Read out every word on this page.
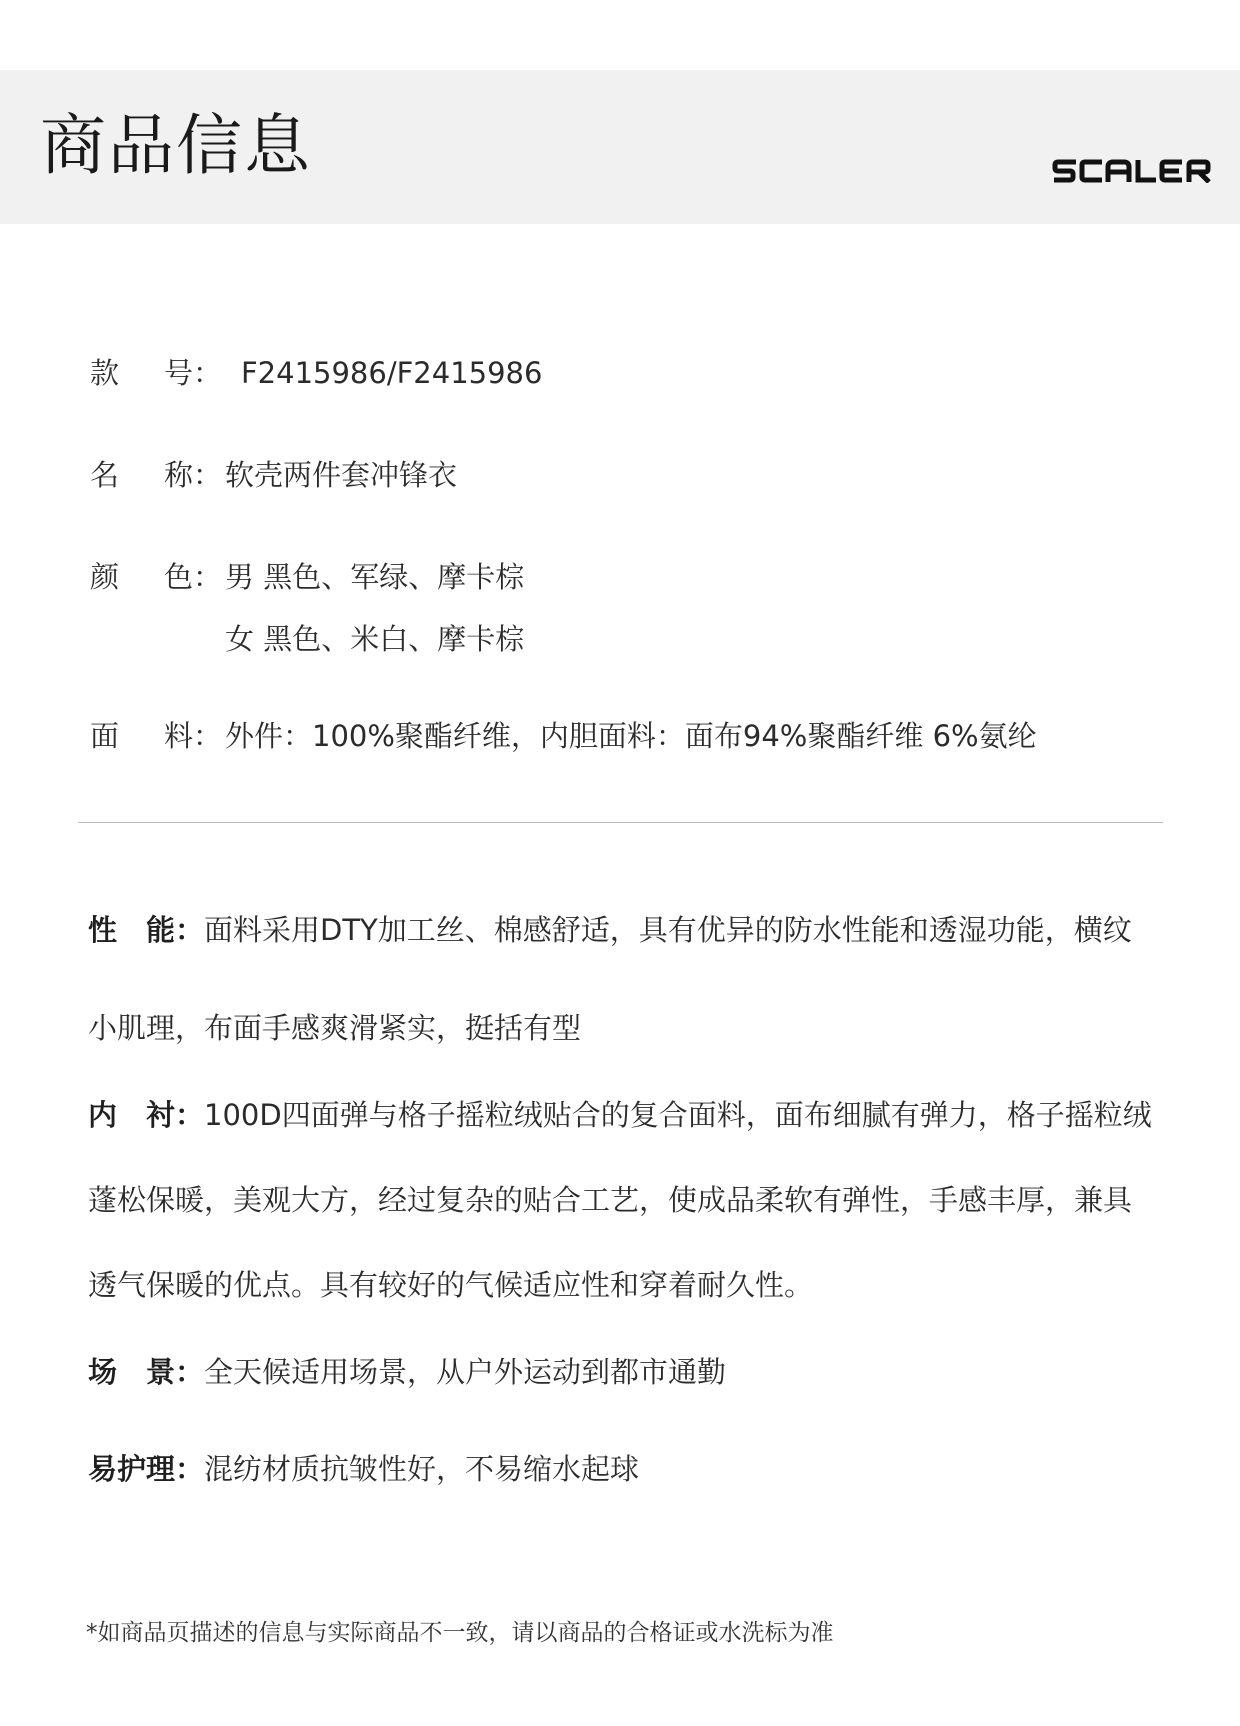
商品信息
款 号： F2415986/F2415986
名 称： 软壳两件套冲锋衣
颜 色： 男 黑色、军绿、摩卡棕
女 黑色、米白、摩卡棕
面 料： 外件：100%聚酯纤维，内胆面料：面布94%聚酯纤维 6%氨纶
性　能：面料采用DTY加工丝、棉感舒适，具有优异的防水性能和透湿功能，横纹
小肌理，布面手感爽滑紧实，挺括有型
内　衬：100D四面弹与格子摇粒绒贴合的复合面料，面布细腻有弹力，格子摇粒绒
蓬松保暖，美观大方，经过复杂的贴合工艺，使成品柔软有弹性，手感丰厚，兼具
透气保暖的优点。具有较好的气候适应性和穿着耐久性。
场　景：全天候适用场景，从户外运动到都市通勤
易护理：混纺材质抗皱性好，不易缩水起球
*如商品页描述的信息与实际商品不一致，请以商品的合格证或水洗标为准
